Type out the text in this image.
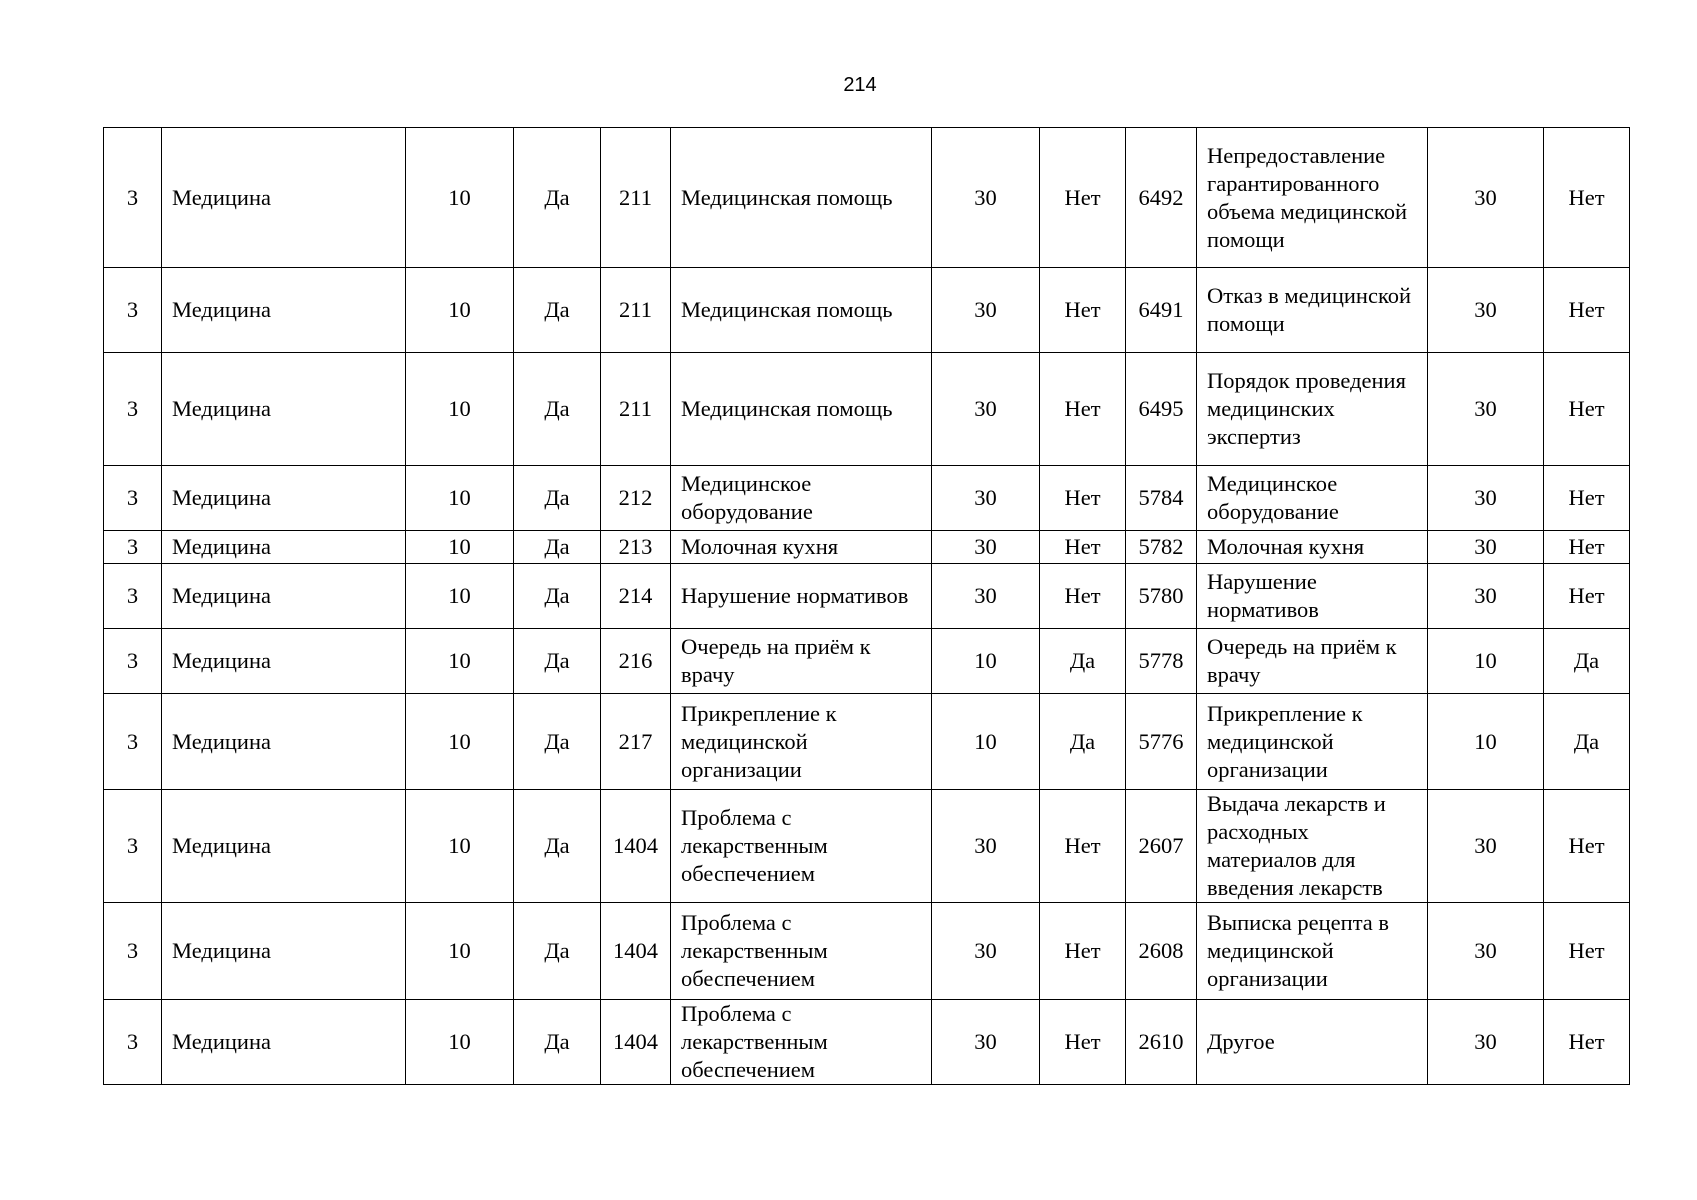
214
3	Медицина	10	Да	211	Медицинская помощь	30	Нет	6492	Непредоставление гарантированного объема медицинской помощи	30	Нет
3	Медицина	10	Да	211	Медицинская помощь	30	Нет	6491	Отказ в медицинской помощи	30	Нет
3	Медицина	10	Да	211	Медицинская помощь	30	Нет	6495	Порядок проведения медицинских экспертиз	30	Нет
3	Медицина	10	Да	212	Медицинское оборудование	30	Нет	5784	Медицинское оборудование	30	Нет
3	Медицина	10	Да	213	Молочная кухня	30	Нет	5782	Молочная кухня	30	Нет
3	Медицина	10	Да	214	Нарушение нормативов	30	Нет	5780	Нарушение нормативов	30	Нет
3	Медицина	10	Да	216	Очередь на приём к врачу	10	Да	5778	Очередь на приём к врачу	10	Да
3	Медицина	10	Да	217	Прикрепление к медицинской организации	10	Да	5776	Прикрепление к медицинской организации	10	Да
3	Медицина	10	Да	1404	Проблема с лекарственным обеспечением	30	Нет	2607	Выдача лекарств и расходных материалов для введения лекарств	30	Нет
3	Медицина	10	Да	1404	Проблема с лекарственным обеспечением	30	Нет	2608	Выписка рецепта в медицинской организации	30	Нет
3	Медицина	10	Да	1404	Проблема с лекарственным обеспечением	30	Нет	2610	Другое	30	Нет
